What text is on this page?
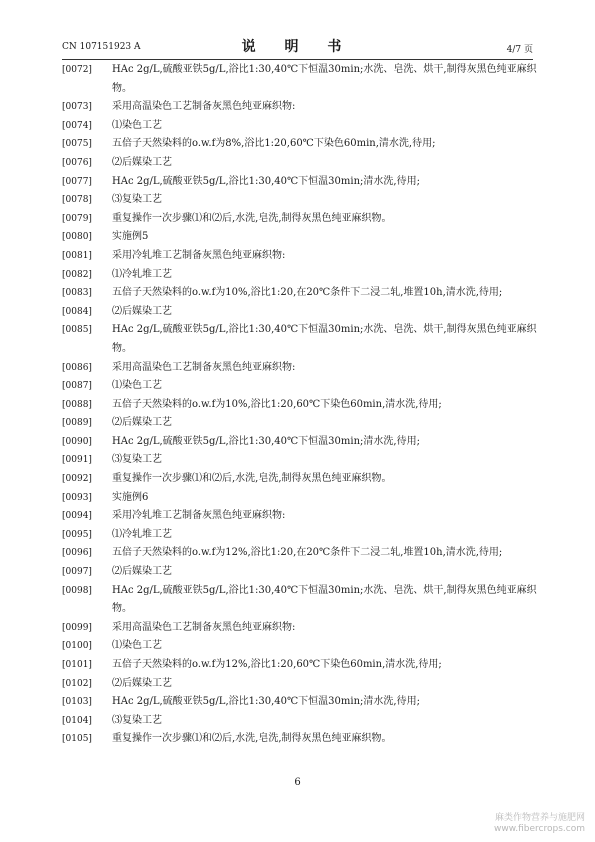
CN 107151923 A	说 明 书	4/7 页
[0072] HAc 2g/L,硫酸亚铁5g/L,浴比1:30,40℃下恒温30min;水洗、皂洗、烘干,制得灰黑色纯亚麻织物。
[0073] 采用高温染色工艺制备灰黑色纯亚麻织物:
[0074] ⑴染色工艺
[0075] 五倍子天然染料的o.w.f为8%,浴比1:20,60℃下染色60min,清水洗,待用;
[0076] ⑵后媒染工艺
[0077] HAc 2g/L,硫酸亚铁5g/L,浴比1:30,40℃下恒温30min;清水洗,待用;
[0078] ⑶复染工艺
[0079] 重复操作一次步骤⑴和⑵后,水洗,皂洗,制得灰黑色纯亚麻织物。
[0080] 实施例5
[0081] 采用冷轧堆工艺制备灰黑色纯亚麻织物:
[0082] ⑴冷轧堆工艺
[0083] 五倍子天然染料的o.w.f为10%,浴比1:20,在20℃条件下二浸二轧,堆置10h,清水洗,待用;
[0084] ⑵后媒染工艺
[0085] HAc 2g/L,硫酸亚铁5g/L,浴比1:30,40℃下恒温30min;水洗、皂洗、烘干,制得灰黑色纯亚麻织物。
[0086] 采用高温染色工艺制备灰黑色纯亚麻织物:
[0087] ⑴染色工艺
[0088] 五倍子天然染料的o.w.f为10%,浴比1:20,60℃下染色60min,清水洗,待用;
[0089] ⑵后媒染工艺
[0090] HAc 2g/L,硫酸亚铁5g/L,浴比1:30,40℃下恒温30min;清水洗,待用;
[0091] ⑶复染工艺
[0092] 重复操作一次步骤⑴和⑵后,水洗,皂洗,制得灰黑色纯亚麻织物。
[0093] 实施例6
[0094] 采用冷轧堆工艺制备灰黑色纯亚麻织物:
[0095] ⑴冷轧堆工艺
[0096] 五倍子天然染料的o.w.f为12%,浴比1:20,在20℃条件下二浸二轧,堆置10h,清水洗,待用;
[0097] ⑵后媒染工艺
[0098] HAc 2g/L,硫酸亚铁5g/L,浴比1:30,40℃下恒温30min;水洗、皂洗、烘干,制得灰黑色纯亚麻织物。
[0099] 采用高温染色工艺制备灰黑色纯亚麻织物:
[0100] ⑴染色工艺
[0101] 五倍子天然染料的o.w.f为12%,浴比1:20,60℃下染色60min,清水洗,待用;
[0102] ⑵后媒染工艺
[0103] HAc 2g/L,硫酸亚铁5g/L,浴比1:30,40℃下恒温30min;清水洗,待用;
[0104] ⑶复染工艺
[0105] 重复操作一次步骤⑴和⑵后,水洗,皂洗,制得灰黑色纯亚麻织物。
6
麻类作物营养与施肥网
www.fibercrops.com
